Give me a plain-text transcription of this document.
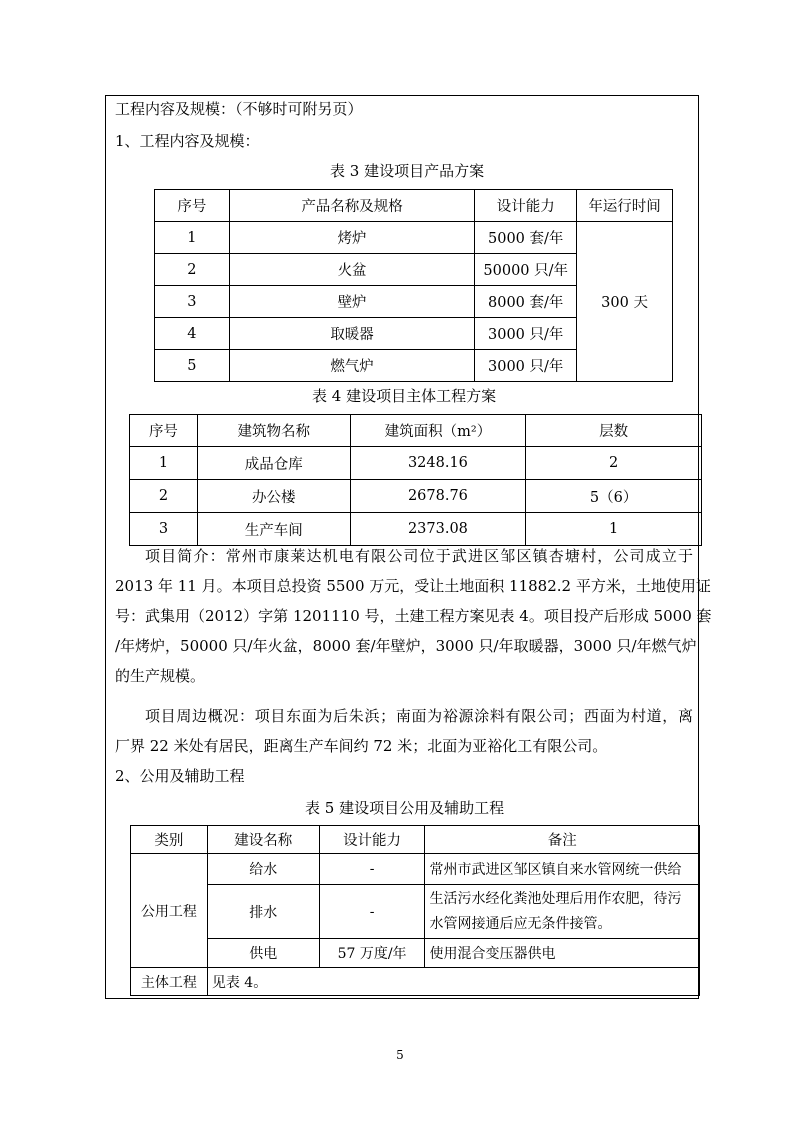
工程内容及规模：（不够时可附另页）
1、工程内容及规模：
表 3 建设项目产品方案
序号	产品名称及规格	设计能力	年运行时间
1	烤炉	5000 套/年	300 天
2	火盆	50000 只/年	
3	壁炉	8000 套/年	
4	取暖器	3000 只/年	
5	燃气炉	3000 只/年	
表 4 建设项目主体工程方案
序号	建筑物名称	建筑面积（m²）	层数
1	成品仓库	3248.16	2
2	办公楼	2678.76	5（6）
3	生产车间	2373.08	1
项目简介：常州市康莱达机电有限公司位于武进区邹区镇杏塘村，公司成立于
2013 年 11 月。本项目总投资 5500 万元，受让土地面积 11882.2 平方米，土地使用证
号：武集用（2012）字第 1201110 号，土建工程方案见表 4。项目投产后形成 5000 套
/年烤炉，50000 只/年火盆，8000 套/年壁炉，3000 只/年取暖器，3000 只/年燃气炉
的生产规模。
项目周边概况：项目东面为后朱浜；南面为裕源涂料有限公司；西面为村道，离
厂界 22 米处有居民，距离生产车间约 72 米；北面为亚裕化工有限公司。
2、公用及辅助工程
表 5 建设项目公用及辅助工程
类别	建设名称	设计能力	备注
公用工程	给水	-	常州市武进区邹区镇自来水管网统一供给
	排水	-	生活污水经化粪池处理后用作农肥，待污
水管网接通后应无条件接管。

	供电	57 万度/年	使用混合变压器供电
主体工程	见表 4。		
5
